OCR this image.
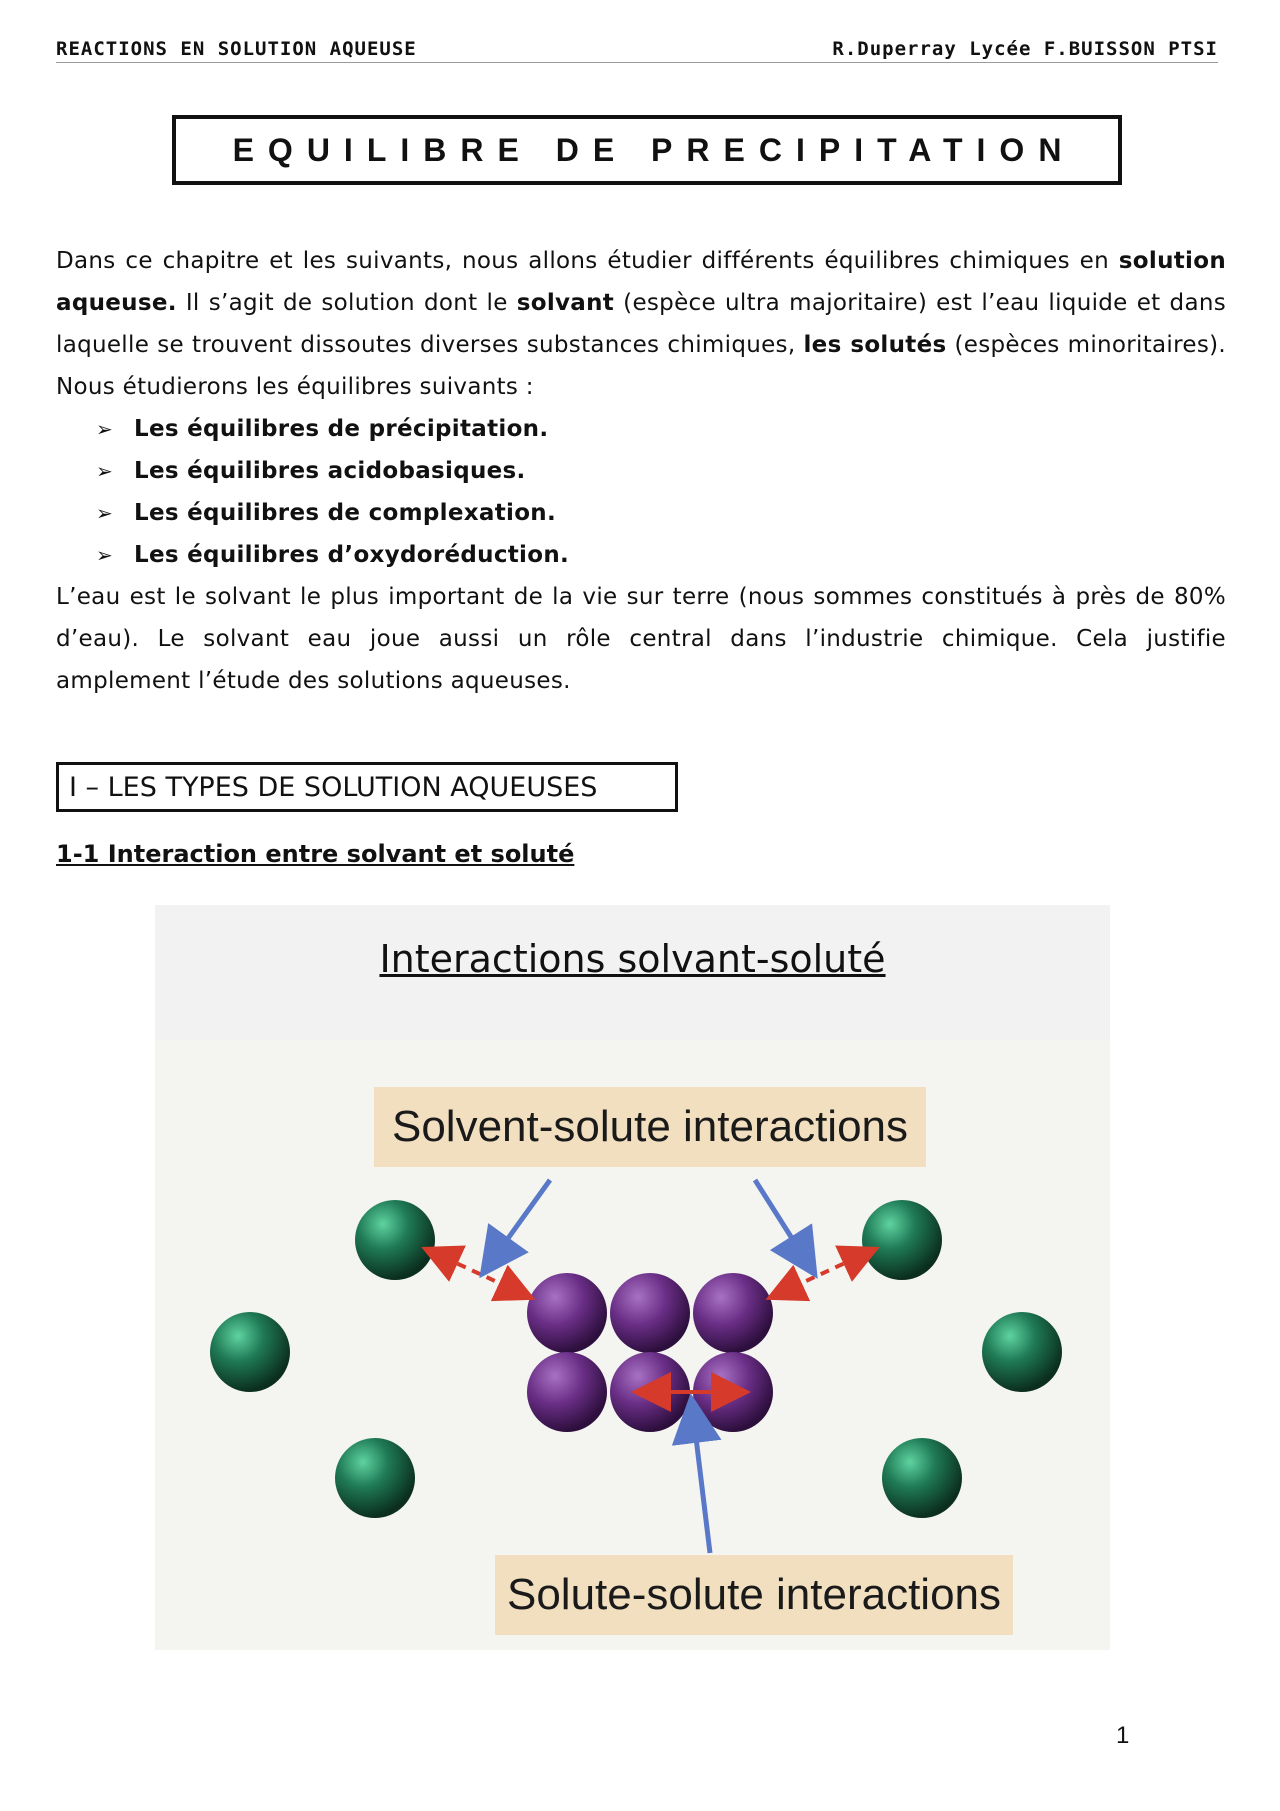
REACTIONS EN SOLUTION AQUEUSE	R.Duperray Lycée F.BUISSON PTSI
EQUILIBRE DE PRECIPITATION

Dans ce chapitre et les suivants, nous allons étudier différents équilibres chimiques en solution aqueuse. Il s’agit de solution dont le solvant (espèce ultra majoritaire) est l’eau liquide et dans laquelle se trouvent dissoutes diverses substances chimiques, les solutés (espèces minoritaires). Nous étudierons les équilibres suivants :

➢ Les équilibres de précipitation.
➢ Les équilibres acidobasiques.
➢ Les équilibres de complexation.
➢ Les équilibres d’oxydoréduction.

L’eau est le solvant le plus important de la vie sur terre (nous sommes constitués à près de 80% d’eau). Le solvant eau joue aussi un rôle central dans l’industrie chimique. Cela justifie amplement l’étude des solutions aqueuses.

I – LES TYPES DE SOLUTION AQUEUSES
1-1 Interaction entre solvant et soluté
Interactions solvant-soluté
Solvent-solute interactions
Solute-solute interactions
1
